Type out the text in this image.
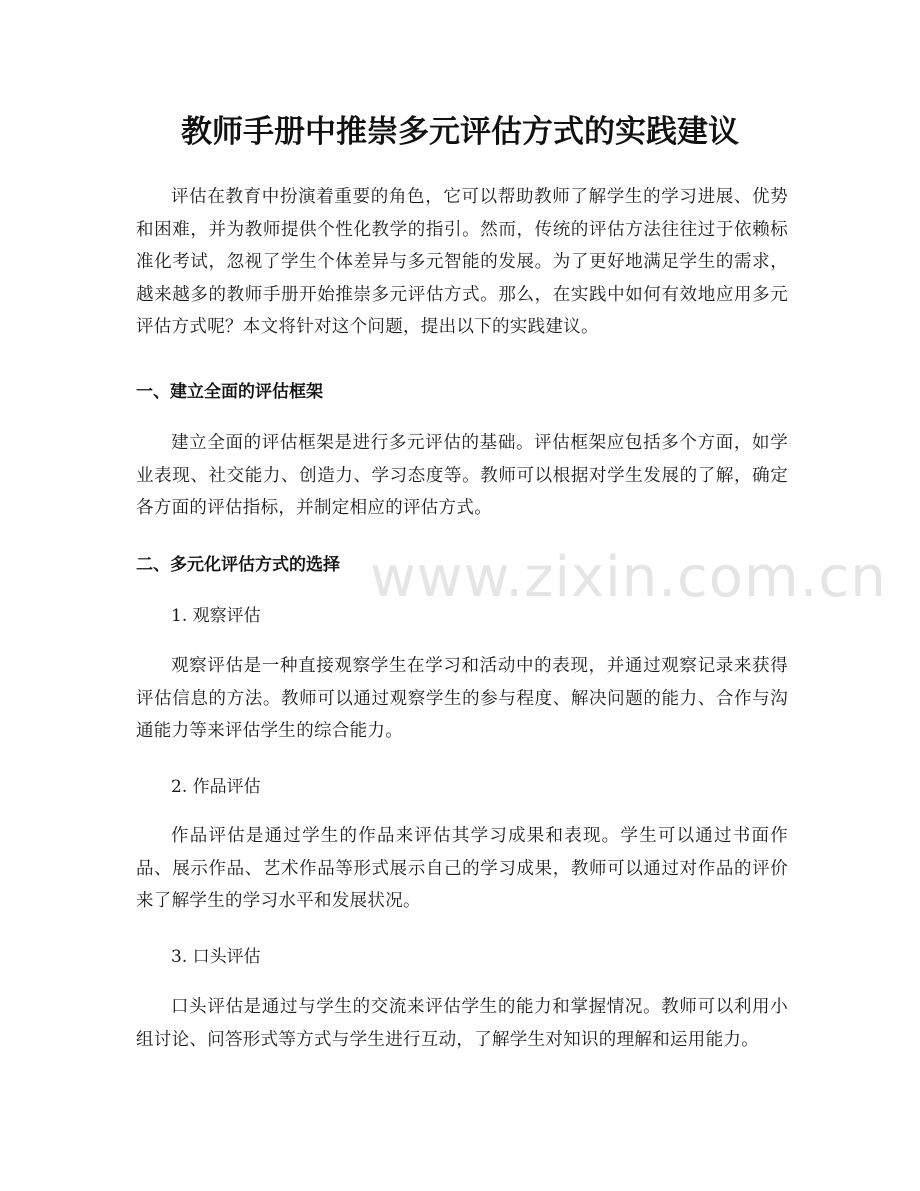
教师手册中推崇多元评估方式的实践建议

评估在教育中扮演着重要的角色，它可以帮助教师了解学生的学习进展、优势和困难，并为教师提供个性化教学的指引。然而，传统的评估方法往往过于依赖标准化考试，忽视了学生个体差异与多元智能的发展。为了更好地满足学生的需求，越来越多的教师手册开始推崇多元评估方式。那么，在实践中如何有效地应用多元评估方式呢？本文将针对这个问题，提出以下的实践建议。

一、建立全面的评估框架

建立全面的评估框架是进行多元评估的基础。评估框架应包括多个方面，如学业表现、社交能力、创造力、学习态度等。教师可以根据对学生发展的了解，确定各方面的评估指标，并制定相应的评估方式。

二、多元化评估方式的选择

1. 观察评估

观察评估是一种直接观察学生在学习和活动中的表现，并通过观察记录来获得评估信息的方法。教师可以通过观察学生的参与程度、解决问题的能力、合作与沟通能力等来评估学生的综合能力。

2. 作品评估

作品评估是通过学生的作品来评估其学习成果和表现。学生可以通过书面作品、展示作品、艺术作品等形式展示自己的学习成果，教师可以通过对作品的评价来了解学生的学习水平和发展状况。

3. 口头评估

口头评估是通过与学生的交流来评估学生的能力和掌握情况。教师可以利用小组讨论、问答形式等方式与学生进行互动，了解学生对知识的理解和运用能力。

www.zixin.com.cn
